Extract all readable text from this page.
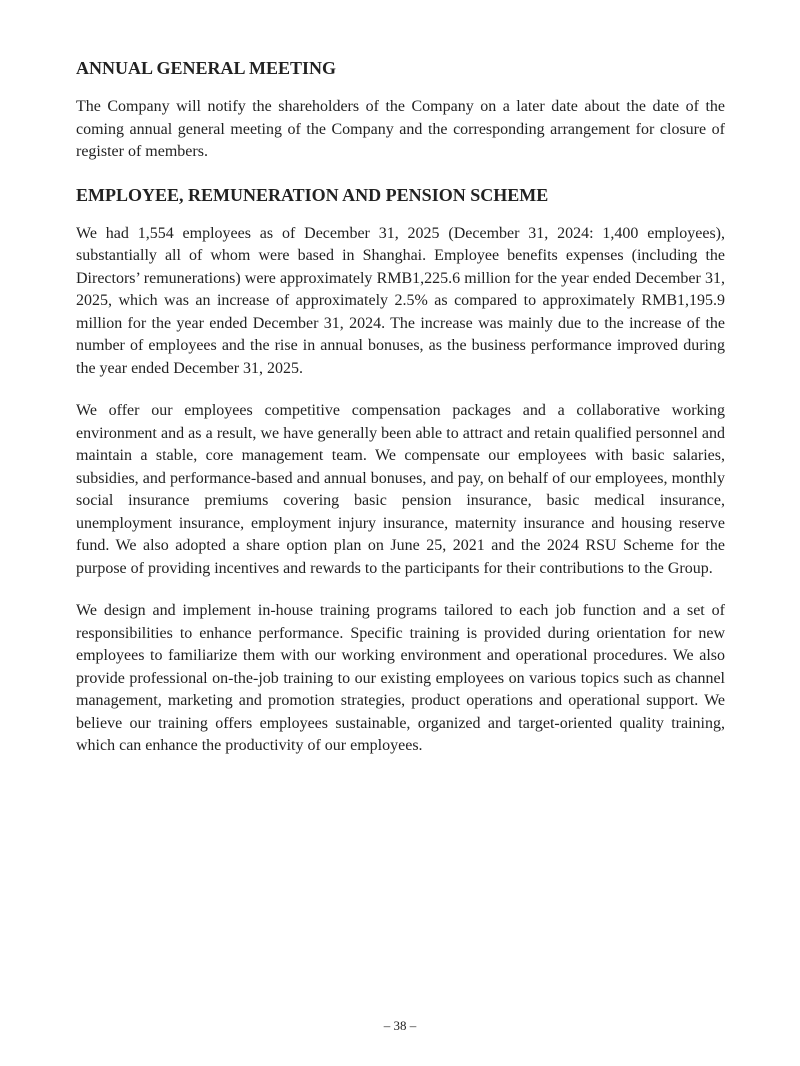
ANNUAL GENERAL MEETING

The Company will notify the shareholders of the Company on a later date about the date of the coming annual general meeting of the Company and the corresponding arrangement for closure of register of members.

EMPLOYEE, REMUNERATION AND PENSION SCHEME

We had 1,554 employees as of December 31, 2025 (December 31, 2024: 1,400 employees), substantially all of whom were based in Shanghai. Employee benefits expenses (including the Directors’ remunerations) were approximately RMB1,225.6 million for the year ended December 31, 2025, which was an increase of approximately 2.5% as compared to approximately RMB1,195.9 million for the year ended December 31, 2024. The increase was mainly due to the increase of the number of employees and the rise in annual bonuses, as the business performance improved during the year ended December 31, 2025.

We offer our employees competitive compensation packages and a collaborative working environment and as a result, we have generally been able to attract and retain qualified personnel and maintain a stable, core management team. We compensate our employees with basic salaries, subsidies, and performance-based and annual bonuses, and pay, on behalf of our employees, monthly social insurance premiums covering basic pension insurance, basic medical insurance, unemployment insurance, employment injury insurance, maternity insurance and housing reserve fund. We also adopted a share option plan on June 25, 2021 and the 2024 RSU Scheme for the purpose of providing incentives and rewards to the participants for their contributions to the Group.

We design and implement in-house training programs tailored to each job function and a set of responsibilities to enhance performance. Specific training is provided during orientation for new employees to familiarize them with our working environment and operational procedures. We also provide professional on-the-job training to our existing employees on various topics such as channel management, marketing and promotion strategies, product operations and operational support. We believe our training offers employees sustainable, organized and target-oriented quality training, which can enhance the productivity of our employees.

– 38 –
